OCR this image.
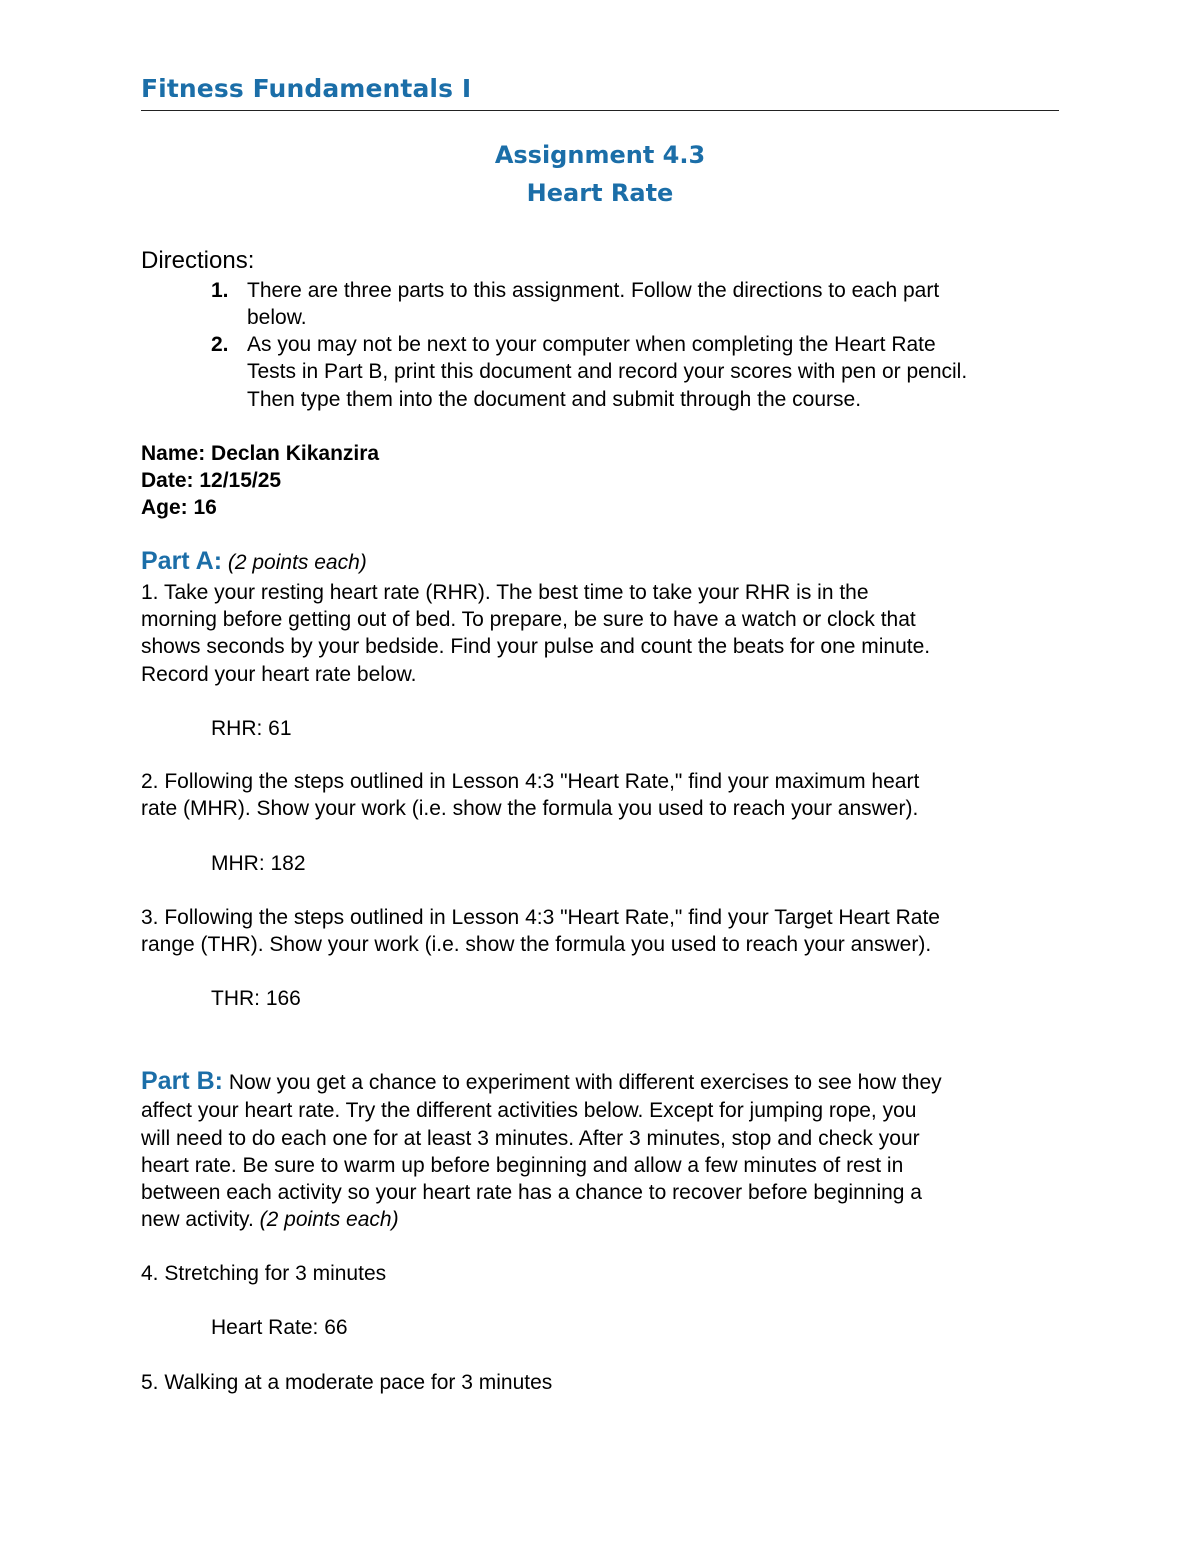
Fitness Fundamentals I
Assignment 4.3
Heart Rate
Directions:
1. There are three parts to this assignment. Follow the directions to each part
below.
2. As you may not be next to your computer when completing the Heart Rate
Tests in Part B, print this document and record your scores with pen or pencil.
Then type them into the document and submit through the course.
Name: Declan Kikanzira
Date: 12/15/25
Age: 16
Part A: (2 points each)
1. Take your resting heart rate (RHR). The best time to take your RHR is in the
morning before getting out of bed. To prepare, be sure to have a watch or clock that
shows seconds by your bedside. Find your pulse and count the beats for one minute.
Record your heart rate below.
RHR: 61
2. Following the steps outlined in Lesson 4:3 "Heart Rate," find your maximum heart
rate (MHR). Show your work (i.e. show the formula you used to reach your answer).
MHR: 182
3. Following the steps outlined in Lesson 4:3 "Heart Rate," find your Target Heart Rate
range (THR). Show your work (i.e. show the formula you used to reach your answer).
THR: 166
Part B: Now you get a chance to experiment with different exercises to see how they
affect your heart rate. Try the different activities below. Except for jumping rope, you
will need to do each one for at least 3 minutes. After 3 minutes, stop and check your
heart rate. Be sure to warm up before beginning and allow a few minutes of rest in
between each activity so your heart rate has a chance to recover before beginning a
new activity. (2 points each)
4. Stretching for 3 minutes
Heart Rate: 66
5. Walking at a moderate pace for 3 minutes
